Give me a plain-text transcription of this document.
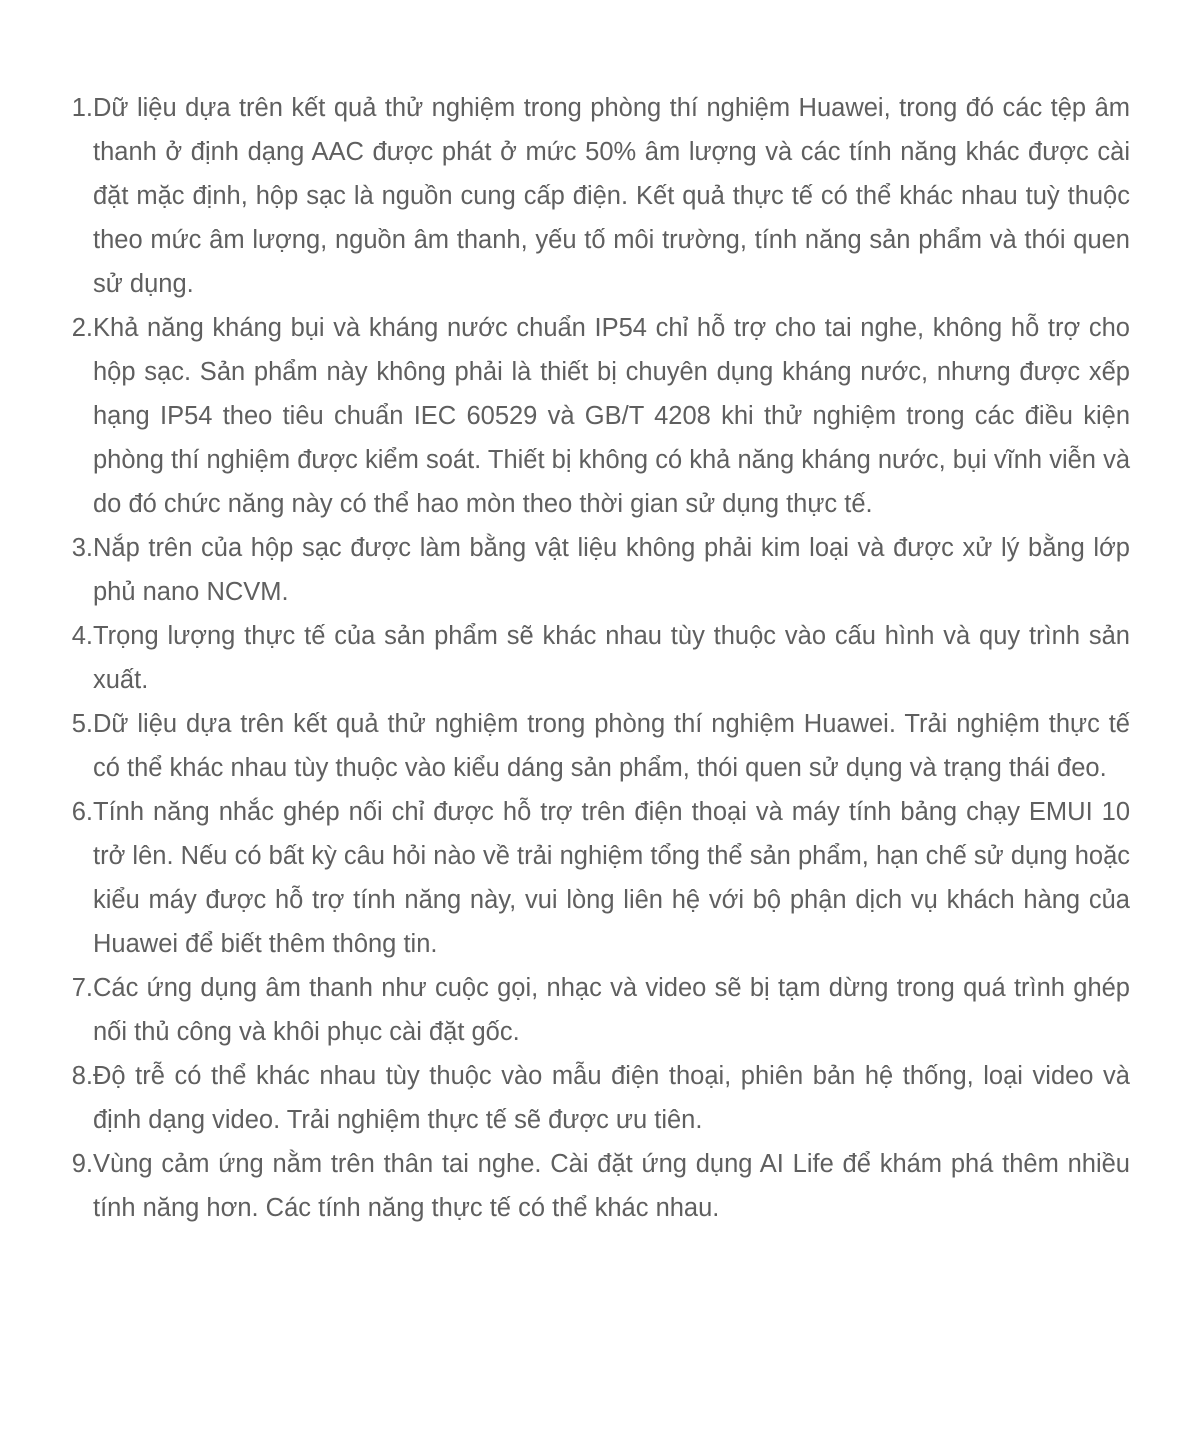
1. Dữ liệu dựa trên kết quả thử nghiệm trong phòng thí nghiệm Huawei, trong đó các tệp âm thanh ở định dạng AAC được phát ở mức 50% âm lượng và các tính năng khác được cài đặt mặc định, hộp sạc là nguồn cung cấp điện. Kết quả thực tế có thể khác nhau tuỳ thuộc theo mức âm lượng, nguồn âm thanh, yếu tố môi trường, tính năng sản phẩm và thói quen sử dụng.
2. Khả năng kháng bụi và kháng nước chuẩn IP54 chỉ hỗ trợ cho tai nghe, không hỗ trợ cho hộp sạc. Sản phẩm này không phải là thiết bị chuyên dụng kháng nước, nhưng được xếp hạng IP54 theo tiêu chuẩn IEC 60529 và GB/T 4208 khi thử nghiệm trong các điều kiện phòng thí nghiệm được kiểm soát. Thiết bị không có khả năng kháng nước, bụi vĩnh viễn và do đó chức năng này có thể hao mòn theo thời gian sử dụng thực tế.
3. Nắp trên của hộp sạc được làm bằng vật liệu không phải kim loại và được xử lý bằng lớp phủ nano NCVM.
4. Trọng lượng thực tế của sản phẩm sẽ khác nhau tùy thuộc vào cấu hình và quy trình sản xuất.
5. Dữ liệu dựa trên kết quả thử nghiệm trong phòng thí nghiệm Huawei. Trải nghiệm thực tế có thể khác nhau tùy thuộc vào kiểu dáng sản phẩm, thói quen sử dụng và trạng thái đeo.
6. Tính năng nhắc ghép nối chỉ được hỗ trợ trên điện thoại và máy tính bảng chạy EMUI 10 trở lên. Nếu có bất kỳ câu hỏi nào về trải nghiệm tổng thể sản phẩm, hạn chế sử dụng hoặc kiểu máy được hỗ trợ tính năng này, vui lòng liên hệ với bộ phận dịch vụ khách hàng của Huawei để biết thêm thông tin.
7. Các ứng dụng âm thanh như cuộc gọi, nhạc và video sẽ bị tạm dừng trong quá trình ghép nối thủ công và khôi phục cài đặt gốc.
8. Độ trễ có thể khác nhau tùy thuộc vào mẫu điện thoại, phiên bản hệ thống, loại video và định dạng video. Trải nghiệm thực tế sẽ được ưu tiên.
9. Vùng cảm ứng nằm trên thân tai nghe. Cài đặt ứng dụng AI Life để khám phá thêm nhiều tính năng hơn. Các tính năng thực tế có thể khác nhau.
